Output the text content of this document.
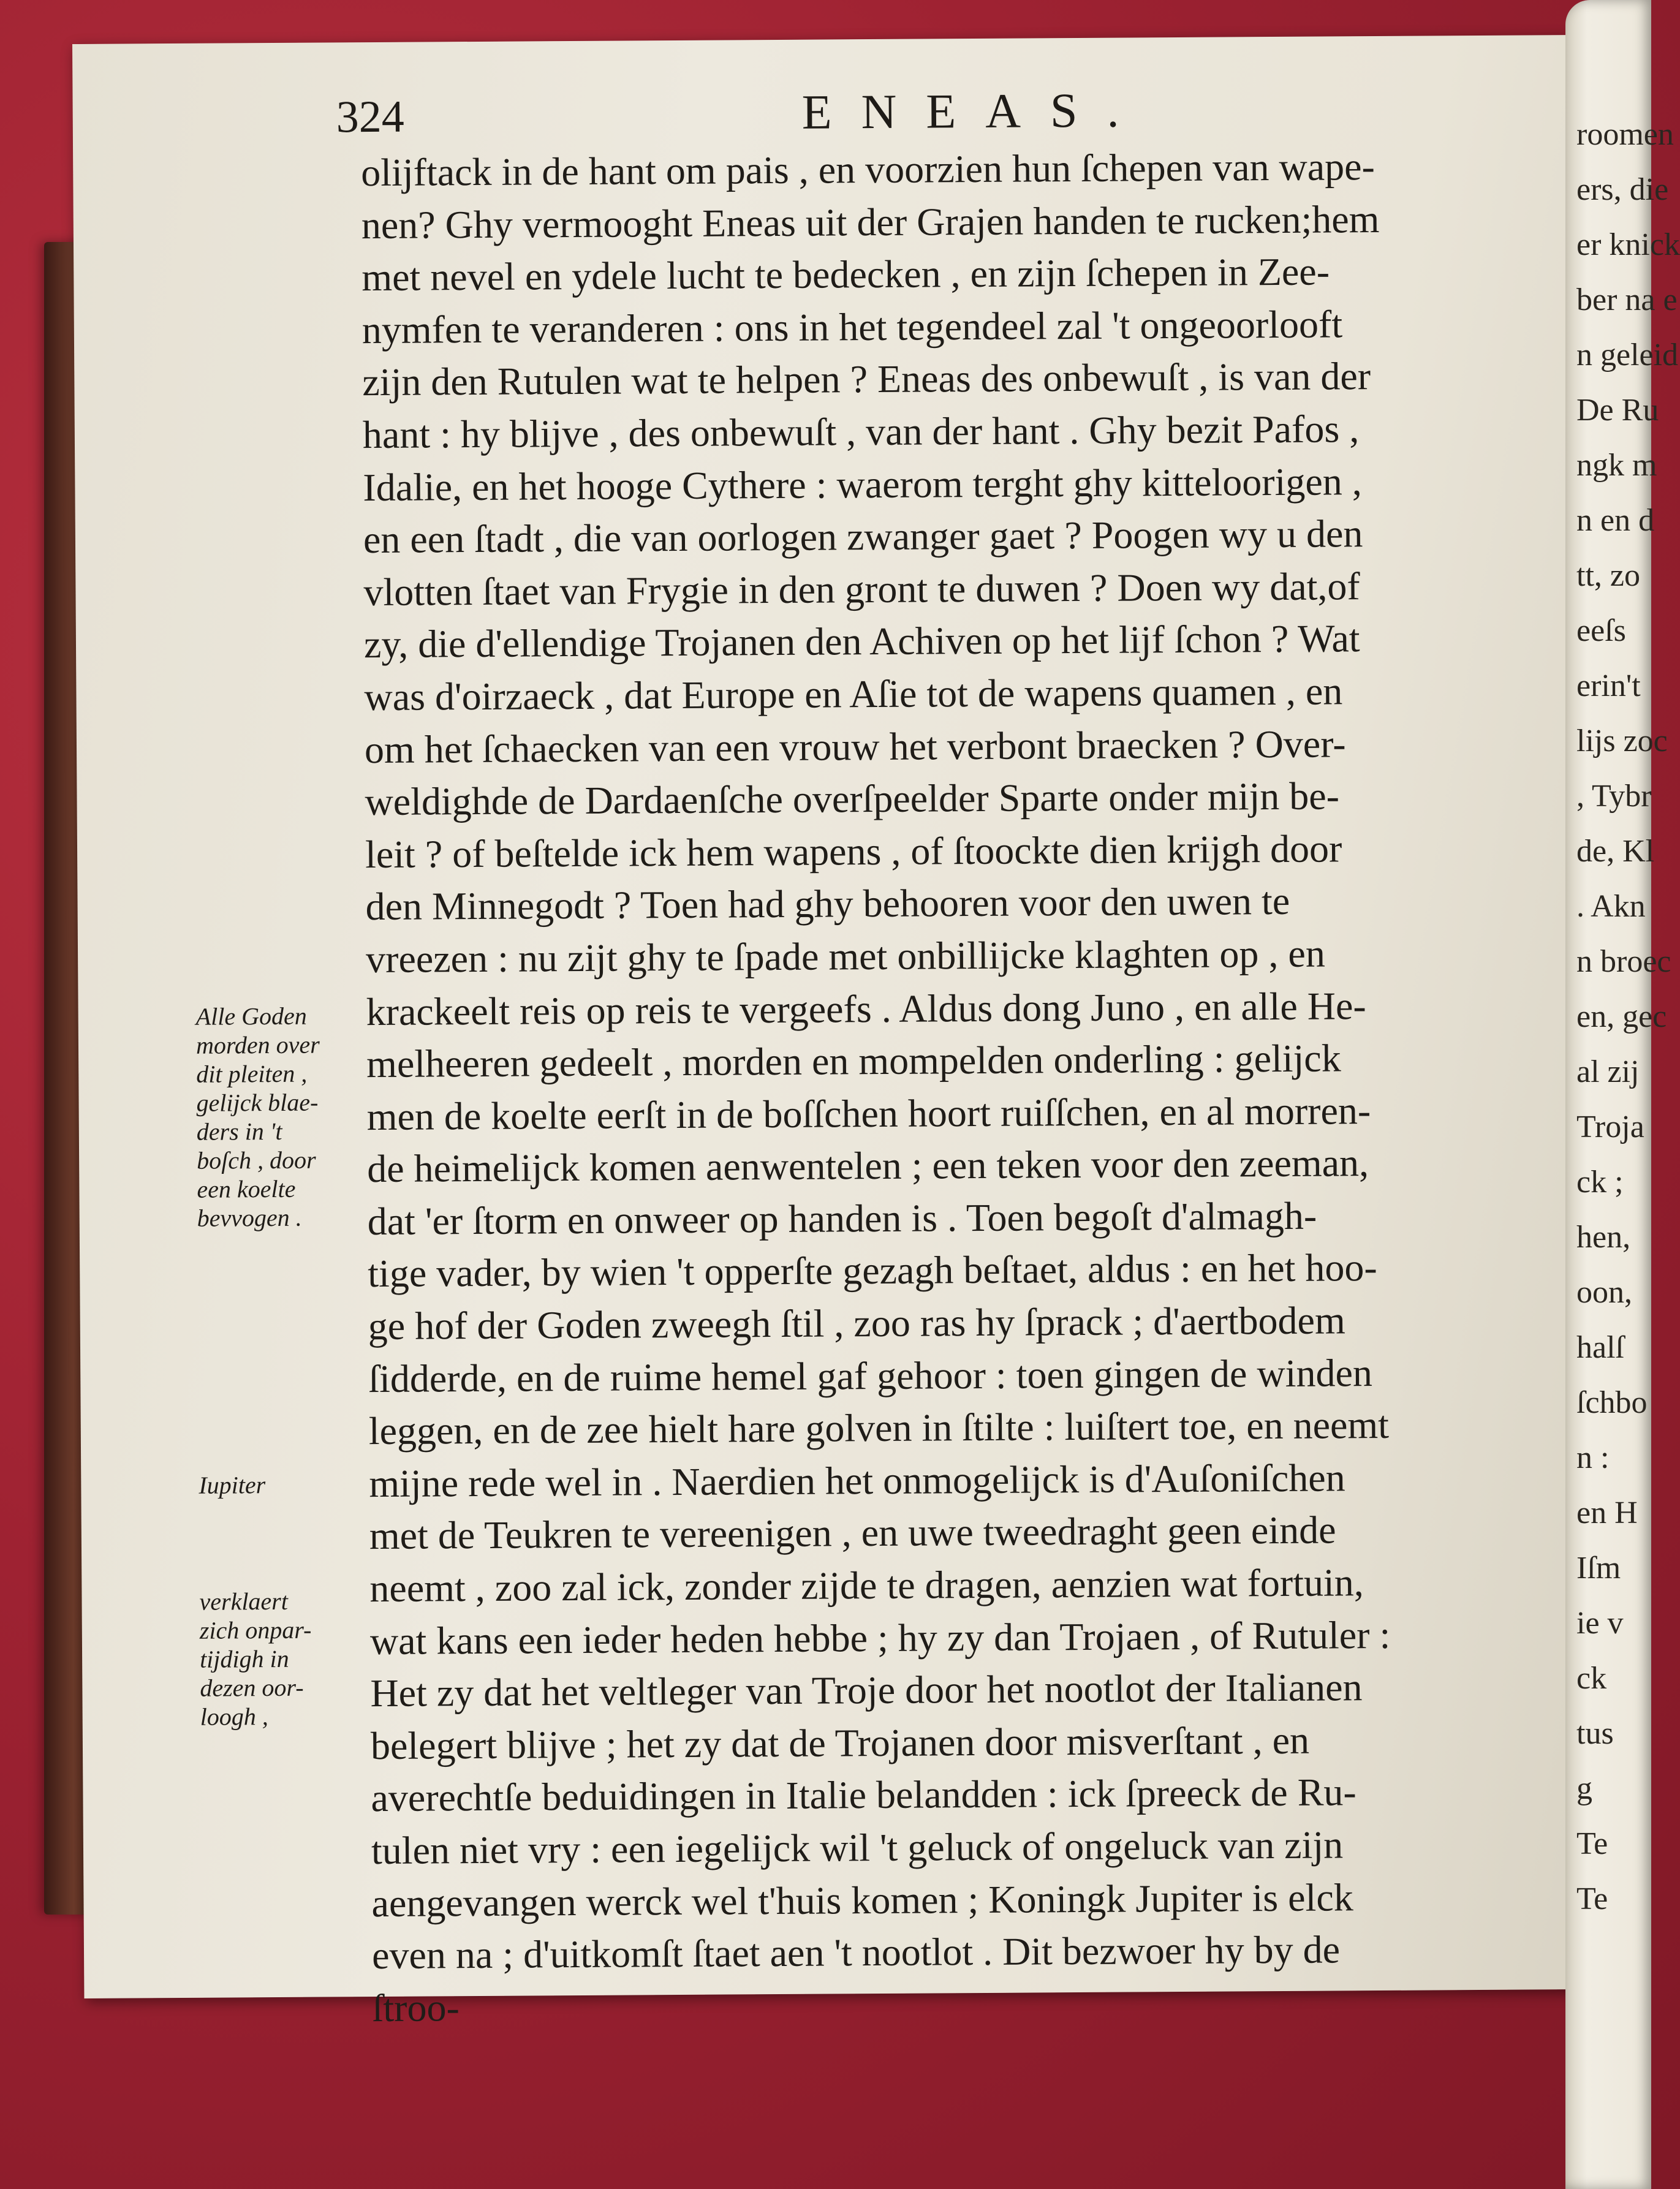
324	ENEAS.
olijftack in de hant om pais , en voorzien hun ſchepen van wape-
nen? Ghy vermooght Eneas uit der Grajen handen te rucken;hem
met nevel en ydele lucht te bedecken , en zijn ſchepen in Zee-
nymfen te veranderen : ons in het tegendeel zal 't ongeoorlooft
zijn den Rutulen wat te helpen ? Eneas des onbewuſt , is van der
hant : hy blijve , des onbewuſt , van der hant . Ghy bezit Pafos ,
Idalie, en het hooge Cythere : waerom terght ghy kitteloorigen ,
en een ſtadt , die van oorlogen zwanger gaet ? Poogen wy u den
vlotten ſtaet van Frygie in den gront te duwen ? Doen wy dat,of
zy, die d'ellendige Trojanen den Achiven op het lijf ſchon ? Wat
was d'oirzaeck , dat Europe en Aſie tot de wapens quamen , en
om het ſchaecken van een vrouw het verbont braecken ? Over-
weldighde de Dardaenſche overſpeelder Sparte onder mijn be-
leit ? of beſtelde ick hem wapens , of ſtoockte dien krijgh door
den Minnegodt ? Toen had ghy behooren voor den uwen te
vreezen : nu zijt ghy te ſpade met onbillijcke klaghten op , en
krackeelt reis op reis te vergeefs . Aldus dong Juno , en alle He-
melheeren gedeelt , morden en mompelden onderling : gelijck
men de koelte eerſt in de boſſchen hoort ruiſſchen, en al morren-
de heimelijck komen aenwentelen ; een teken voor den zeeman,
dat 'er ſtorm en onweer op handen is . Toen begoſt d'almagh-
tige vader, by wien 't opperſte gezagh beſtaet, aldus : en het hoo-
ge hof der Goden zweegh ſtil , zoo ras hy ſprack ; d'aertbodem
ſidderde, en de ruime hemel gaf gehoor : toen gingen de winden
leggen, en de zee hielt hare golven in ſtilte : luiſtert toe, en neemt
mijne rede wel in . Naerdien het onmogelijck is d'Auſoniſchen
met de Teukren te vereenigen , en uwe tweedraght geen einde
neemt , zoo zal ick, zonder zijde te dragen, aenzien wat fortuin,
wat kans een ieder heden hebbe ; hy zy dan Trojaen , of Rutuler :
Het zy dat het veltleger van Troje door het nootlot der Italianen
belegert blijve ; het zy dat de Trojanen door misverſtant , en
averechtſe beduidingen in Italie belandden : ick ſpreeck de Ru-
tulen niet vry : een iegelijck wil 't geluck of ongeluck van zijn
aengevangen werck wel t'huis komen ; Koningk Jupiter is elck
even na ; d'uitkomſt ſtaet aen 't nootlot . Dit bezwoer hy by de
ſtroo-
Alle Goden
morden over
dit pleiten ,
gelijck blae-
ders in 't
boſch , door
een koelte
bevvogen .
Iupiter
verklaert
zich onpar-
tijdigh in
dezen oor-
loogh ,
roomen
ers, die
er knick
ber na e
n geleid
De Ru
ngk m
n en d
tt, zo
eeſs
erin't
lijs zoc
, Tybr
de, Kl
. Akn
n broec
en, gec
al zij
Troja
ck ;
hen,
oon,
halſ
ſchbo
n :
en H
Iſm
ie v
ck
tus
g
Te
Te
